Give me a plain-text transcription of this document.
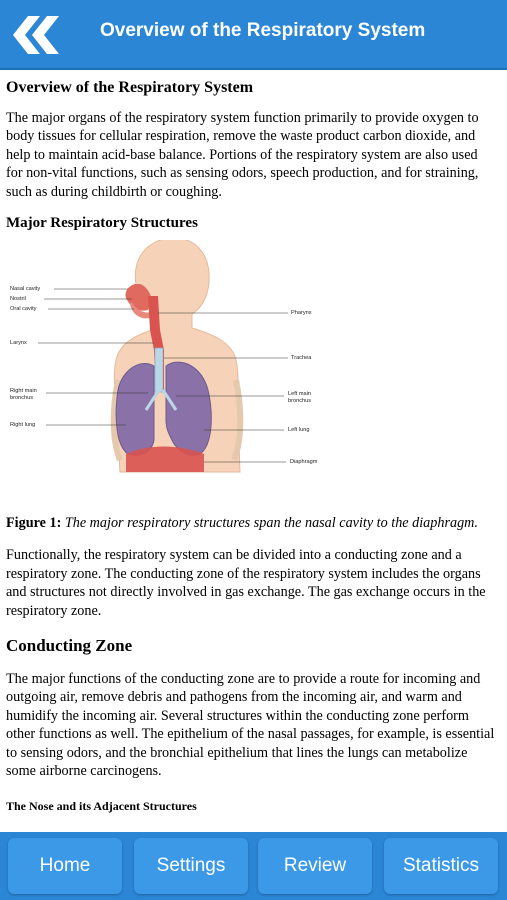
Overview of the Respiratory System
Overview of the Respiratory System

The major organs of the respiratory system function primarily to provide oxygen to body tissues for cellular respiration, remove the waste product carbon dioxide, and help to maintain acid-base balance. Portions of the respiratory system are also used for non-vital functions, such as sensing odors, speech production, and for straining, such as during childbirth or coughing.

Major Respiratory Structures
Nasal cavity
Nostril
Oral cavity
Larynx
Right main
bronchus
Right lung
Pharynx
Trachea
Left main
bronchus
Left lung
Diaphragm
Figure 1: The major respiratory structures span the nasal cavity to the diaphragm.

Functionally, the respiratory system can be divided into a conducting zone and a respiratory zone. The conducting zone of the respiratory system includes the organs and structures not directly involved in gas exchange. The gas exchange occurs in the respiratory zone.

Conducting Zone

The major functions of the conducting zone are to provide a route for incoming and outgoing air, remove debris and pathogens from the incoming air, and warm and humidify the incoming air. Several structures within the conducting zone perform other functions as well. The epithelium of the nasal passages, for example, is essential to sensing odors, and the bronchial epithelium that lines the lungs can metabolize some airborne carcinogens.

The Nose and its Adjacent Structures
Home	Settings	Review	Statistics
